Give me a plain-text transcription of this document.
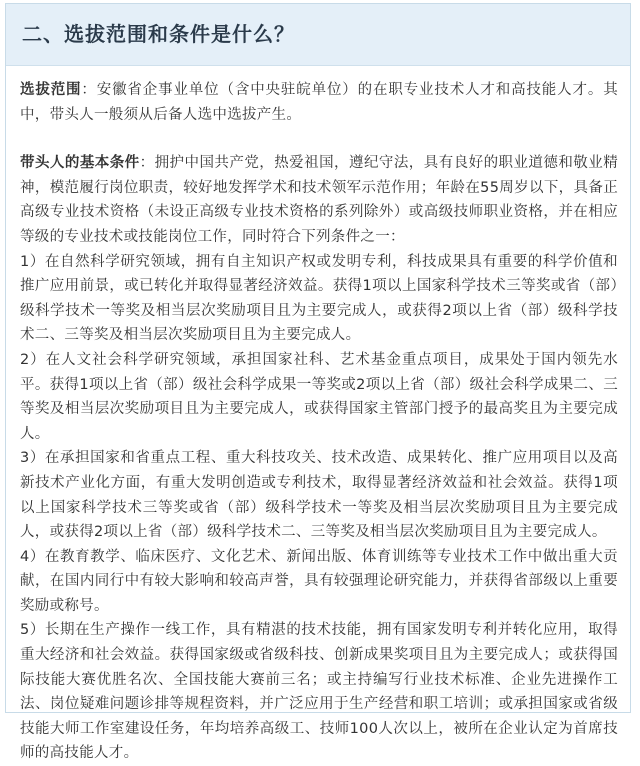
二、选拔范围和条件是什么？

选拔范围：安徽省企事业单位（含中央驻皖单位）的在职专业技术人才和高技能人才。其中，带头人一般须从后备人选中选拔产生。

带头人的基本条件：拥护中国共产党，热爱祖国，遵纪守法，具有良好的职业道德和敬业精神，模范履行岗位职责，较好地发挥学术和技术领军示范作用；年龄在55周岁以下，具备正高级专业技术资格（未设正高级专业技术资格的系列除外）或高级技师职业资格，并在相应等级的专业技术或技能岗位工作，同时符合下列条件之一：

1）在自然科学研究领域，拥有自主知识产权或发明专利，科技成果具有重要的科学价值和推广应用前景，或已转化并取得显著经济效益。获得1项以上国家科学技术三等奖或省（部）级科学技术一等奖及相当层次奖励项目且为主要完成人，或获得2项以上省（部）级科学技术二、三等奖及相当层次奖励项目且为主要完成人。

2）在人文社会科学研究领域，承担国家社科、艺术基金重点项目，成果处于国内领先水平。获得1项以上省（部）级社会科学成果一等奖或2项以上省（部）级社会科学成果二、三等奖及相当层次奖励项目且为主要完成人，或获得国家主管部门授予的最高奖且为主要完成人。

3）在承担国家和省重点工程、重大科技攻关、技术改造、成果转化、推广应用项目以及高新技术产业化方面，有重大发明创造或专利技术，取得显著经济效益和社会效益。获得1项以上国家科学技术三等奖或省（部）级科学技术一等奖及相当层次奖励项目且为主要完成人，或获得2项以上省（部）级科学技术二、三等奖及相当层次奖励项目且为主要完成人。

4）在教育教学、临床医疗、文化艺术、新闻出版、体育训练等专业技术工作中做出重大贡献，在国内同行中有较大影响和较高声誉，具有较强理论研究能力，并获得省部级以上重要奖励或称号。

5）长期在生产操作一线工作，具有精湛的技术技能，拥有国家发明专利并转化应用，取得重大经济和社会效益。获得国家级或省级科技、创新成果奖项目且为主要完成人；或获得国际技能大赛优胜名次、全国技能大赛前三名；或主持编写行业技术标准、企业先进操作工法、岗位疑难问题诊排等规程资料，并广泛应用于生产经营和职工培训；或承担国家或省级技能大师工作室建设任务，年均培养高级工、技师100人次以上，被所在企业认定为首席技师的高技能人才。
